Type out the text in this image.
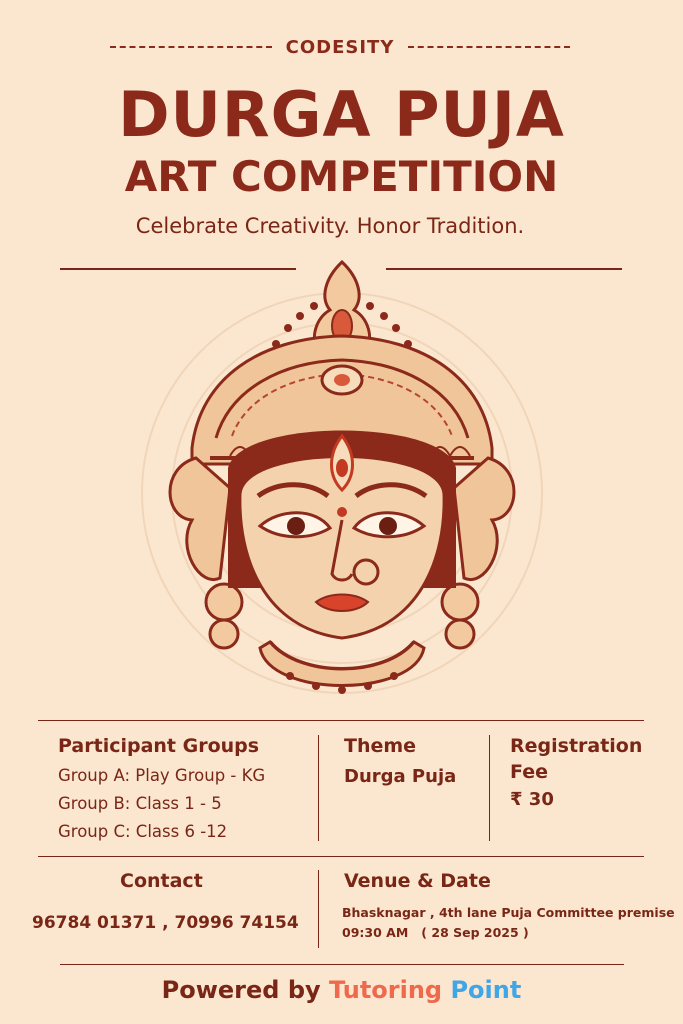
CODESITY
DURGA PUJA
ART COMPETITION
Celebrate Creativity. Honor Tradition.
Participant Groups
Group A: Play Group - KG
Group B: Class 1 - 5
Group C: Class 6 -12
Theme
Durga Puja
Registration
Fee
₹ 30
Contact
96784 01371 , 70996 74154
Venue & Date
Bhasknagar , 4th lane Puja Committee premise
09:30 AM   ( 28 Sep 2025 )
Powered by Tutoring Point
